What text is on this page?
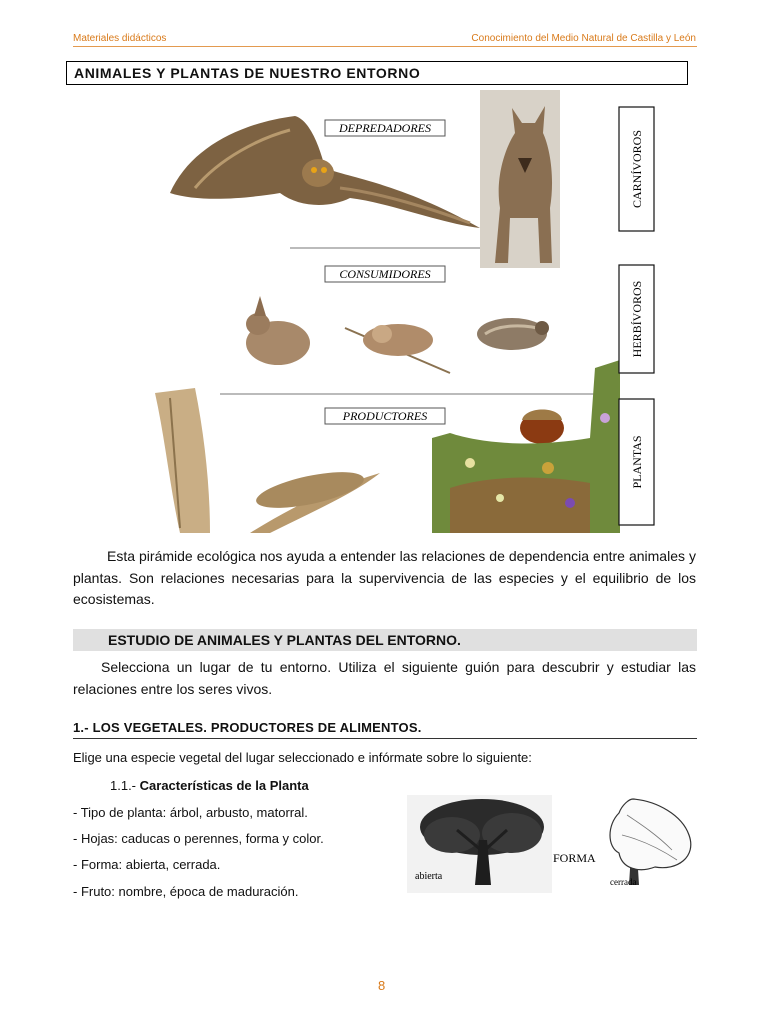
Materiales didácticos	Conocimiento del Medio Natural de Castilla y León
ANIMALES Y PLANTAS DE NUESTRO ENTORNO
DEPREDADORES
CONSUMIDORES
PRODUCTORES
CARNÍVOROS
HERBÍVOROS
PLANTAS
Esta pirámide ecológica nos ayuda a entender las relaciones de dependencia entre animales y plantas. Son relaciones necesarias para la supervivencia de las especies y el equilibrio de los ecosistemas.
ESTUDIO DE ANIMALES Y PLANTAS DEL ENTORNO.
Selecciona un lugar de tu entorno. Utiliza el siguiente guión para descubrir y estudiar las relaciones entre los seres vivos.
1.- LOS VEGETALES. PRODUCTORES DE ALIMENTOS.
Elige una especie vegetal del lugar seleccionado e infórmate sobre lo siguiente:
1.1.- Características de la Planta
- Tipo de planta: árbol, arbusto, matorral.
- Hojas: caducas o perennes, forma y color.
- Forma: abierta, cerrada.
- Fruto: nombre, época de maduración.
abierta
FORMA
cerrada
8
